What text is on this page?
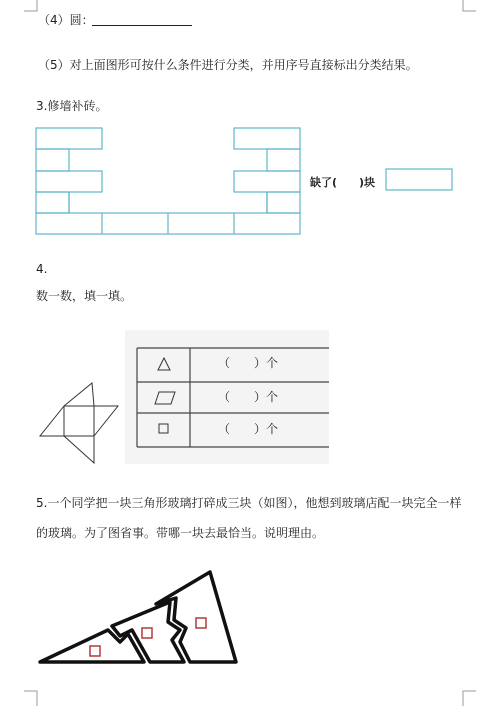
（4）圆：
（5）对上面图形可按什么条件进行分类，并用序号直接标出分类结果。
3.修墙补砖。
缺了(　　)块
4.
数一数，填一填。
（　　）个
（　　）个
（　　）个
5.一个同学把一块三角形玻璃打碎成三块（如图），他想到玻璃店配一块完全一样
的玻璃。为了图省事。带哪一块去最恰当。说明理由。
